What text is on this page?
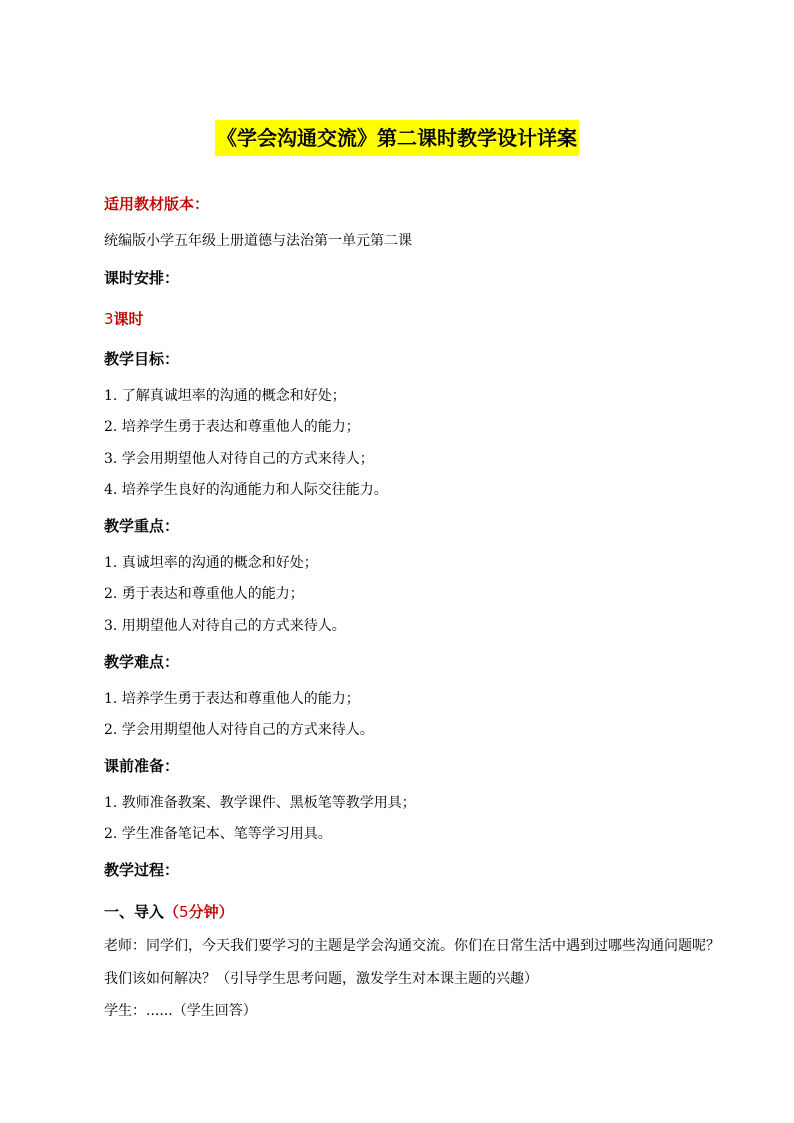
《学会沟通交流》第二课时教学设计详案
适用教材版本：
统编版小学五年级上册道德与法治第一单元第二课
课时安排：
3课时
教学目标：
1. 了解真诚坦率的沟通的概念和好处；
2. 培养学生勇于表达和尊重他人的能力；
3. 学会用期望他人对待自己的方式来待人；
4. 培养学生良好的沟通能力和人际交往能力。
教学重点：
1. 真诚坦率的沟通的概念和好处；
2. 勇于表达和尊重他人的能力；
3. 用期望他人对待自己的方式来待人。
教学难点：
1. 培养学生勇于表达和尊重他人的能力；
2. 学会用期望他人对待自己的方式来待人。
课前准备：
1. 教师准备教案、教学课件、黑板笔等教学用具；
2. 学生准备笔记本、笔等学习用具。
教学过程：
一、导入（5分钟）
老师：同学们，今天我们要学习的主题是学会沟通交流。你们在日常生活中遇到过哪些沟通问题呢？我们该如何解决？（引导学生思考问题，激发学生对本课主题的兴趣）
学生：......（学生回答）
